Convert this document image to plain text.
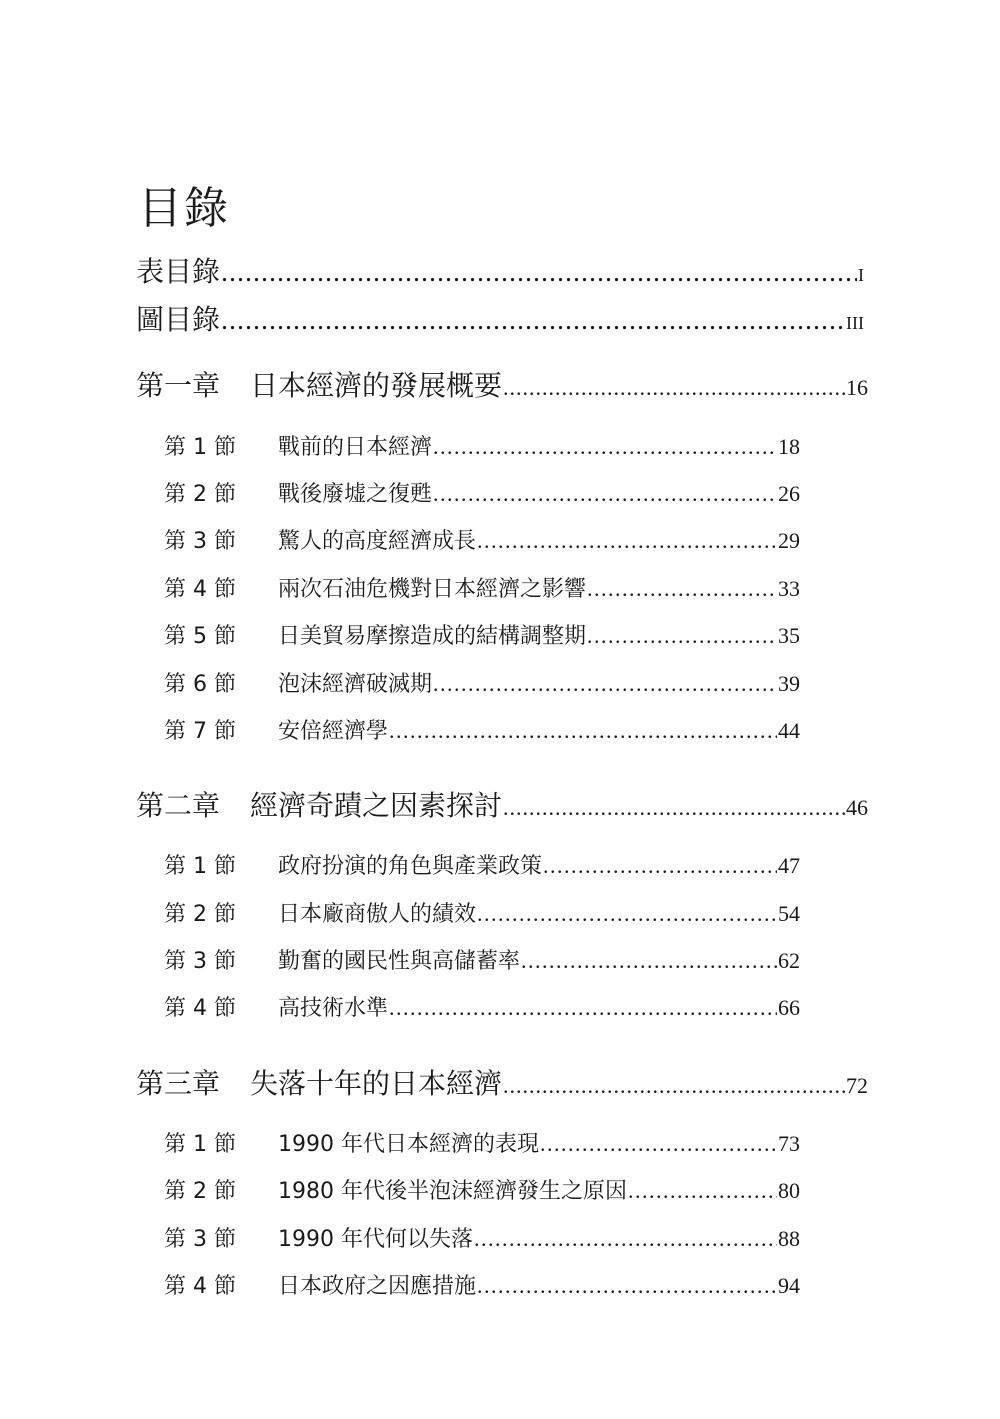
目錄
表目錄 .....	I
圖目錄 .....	III
第一章	日本經濟的發展概要 .....	16
第 1 節	戰前的日本經濟 .....	18
第 2 節	戰後廢墟之復甦 .....	26
第 3 節	驚人的高度經濟成長 .....	29
第 4 節	兩次石油危機對日本經濟之影響 .....	33
第 5 節	日美貿易摩擦造成的結構調整期 .....	35
第 6 節	泡沫經濟破滅期 .....	39
第 7 節	安倍經濟學 .....	44
第二章	經濟奇蹟之因素探討 .....	46
第 1 節	政府扮演的角色與產業政策 .....	47
第 2 節	日本廠商傲人的績效 .....	54
第 3 節	勤奮的國民性與高儲蓄率 .....	62
第 4 節	高技術水準 .....	66
第三章	失落十年的日本經濟 .....	72
第 1 節	1990 年代日本經濟的表現 .....	73
第 2 節	1980 年代後半泡沫經濟發生之原因 .....	80
第 3 節	1990 年代何以失落 .....	88
第 4 節	日本政府之因應措施 .....	94
